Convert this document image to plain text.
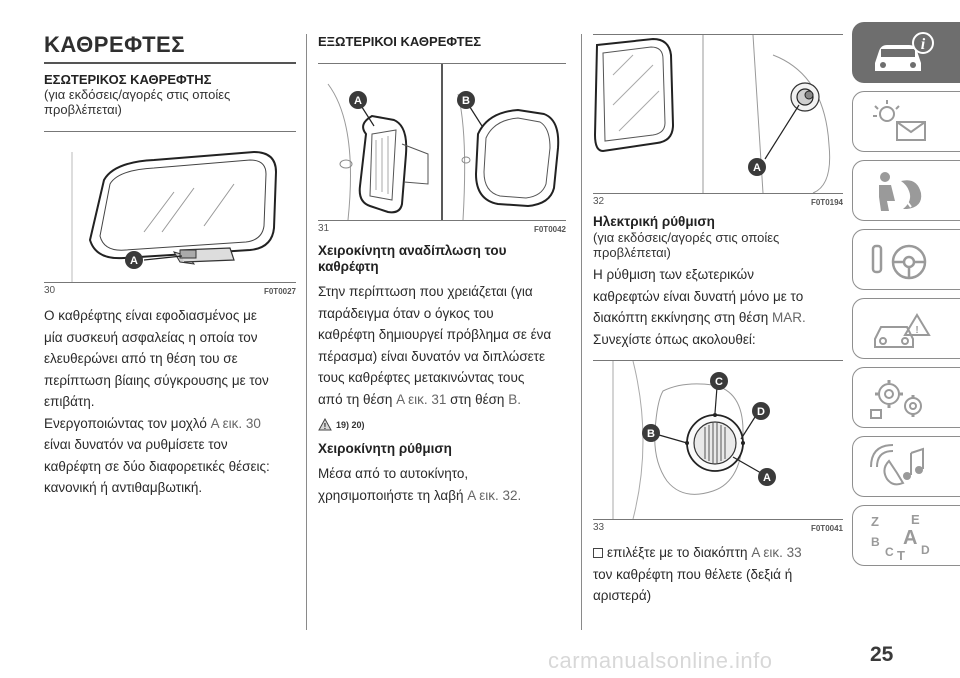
ΚΑΘΡΕΦΤΕΣ
ΕΣΩΤΕΡΙΚΟΣ ΚΑΘΡΕΦΤΗΣ
(για εκδόσεις/αγορές στις οποίες
προβλέπεται)
A
30	F0T0027
Ο καθρέφτης είναι εφοδιασμένος με
μία συσκευή ασφαλείας η οποία τον
ελευθερώνει από τη θέση του σε
περίπτωση βίαιης σύγκρουσης με τον
επιβάτη.
Ενεργοποιώντας τον μοχλό A εικ. 30
είναι δυνατόν να ρυθμίσετε τον
καθρέφτη σε δύο διαφορετικές θέσεις:
κανονική ή αντιθαμβωτική.
ΕΞΩΤΕΡΙΚΟΙ ΚΑΘΡΕΦΤΕΣ
A	B
31	F0T0042
Χειροκίνητη αναδίπλωση του
καθρέφτη
Στην περίπτωση που χρειάζεται (για
παράδειγμα όταν ο όγκος του
καθρέφτη δημιουργεί πρόβλημα σε ένα
πέρασμα) είναι δυνατόν να διπλώσετε
τους καθρέφτες μετακινώντας τους
από τη θέση A εικ. 31 στη θέση B.
! 19) 20)
Χειροκίνητη ρύθμιση
Μέσα από το αυτοκίνητο,
χρησιμοποιήστε τη λαβή A εικ. 32.
A
32	F0T0194
Ηλεκτρική ρύθμιση
(για εκδόσεις/αγορές στις οποίες
προβλέπεται)
Η ρύθμιση των εξωτερικών
καθρεφτών είναι δυνατή μόνο με το
διακόπτη εκκίνησης στη θέση MAR.
Συνεχίστε όπως ακολουθεί:
C
D
B
A
33	F0T0041
επιλέξτε με το διακόπτη A εικ. 33
τον καθρέφτη που θέλετε (δεξιά ή
αριστερά)
i
!
Z E
B A
C D
T
carmanualsonline.info	25
